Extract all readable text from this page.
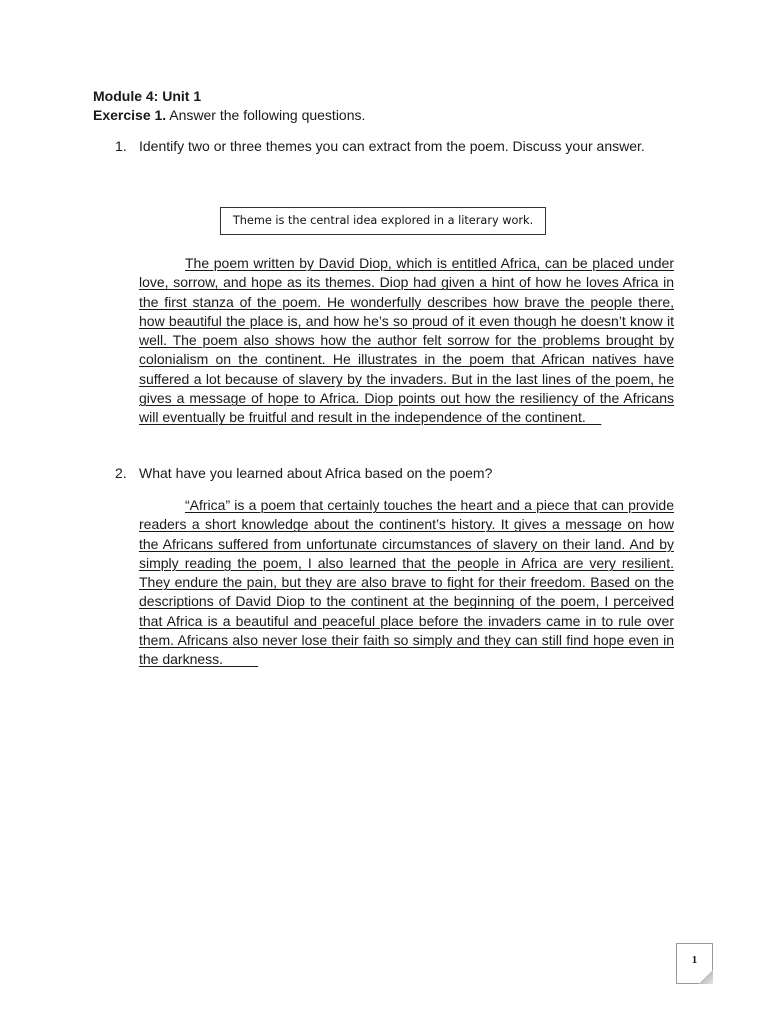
Module 4: Unit 1
Exercise 1. Answer the following questions.
1. Identify two or three themes you can extract from the poem. Discuss your answer.
Theme is the central idea explored in a literary work.
The poem written by David Diop, which is entitled Africa, can be placed under love, sorrow, and hope as its themes. Diop had given a hint of how he loves Africa in the first stanza of the poem. He wonderfully describes how brave the people there, how beautiful the place is, and how he’s so proud of it even though he doesn’t know it well. The poem also shows how the author felt sorrow for the problems brought by colonialism on the continent. He illustrates in the poem that African natives have suffered a lot because of slavery by the invaders. But in the last lines of the poem, he gives a message of hope to Africa. Diop points out how the resiliency of the Africans will eventually be fruitful and result in the independence of the continent.
2. What have you learned about Africa based on the poem?
“Africa” is a poem that certainly touches the heart and a piece that can provide readers a short knowledge about the continent’s history. It gives a message on how the Africans suffered from unfortunate circumstances of slavery on their land. And by simply reading the poem, I also learned that the people in Africa are very resilient. They endure the pain, but they are also brave to fight for their freedom. Based on the descriptions of David Diop to the continent at the beginning of the poem, I perceived that Africa is a beautiful and peaceful place before the invaders came in to rule over them. Africans also never lose their faith so simply and they can still find hope even in the darkness.
1
